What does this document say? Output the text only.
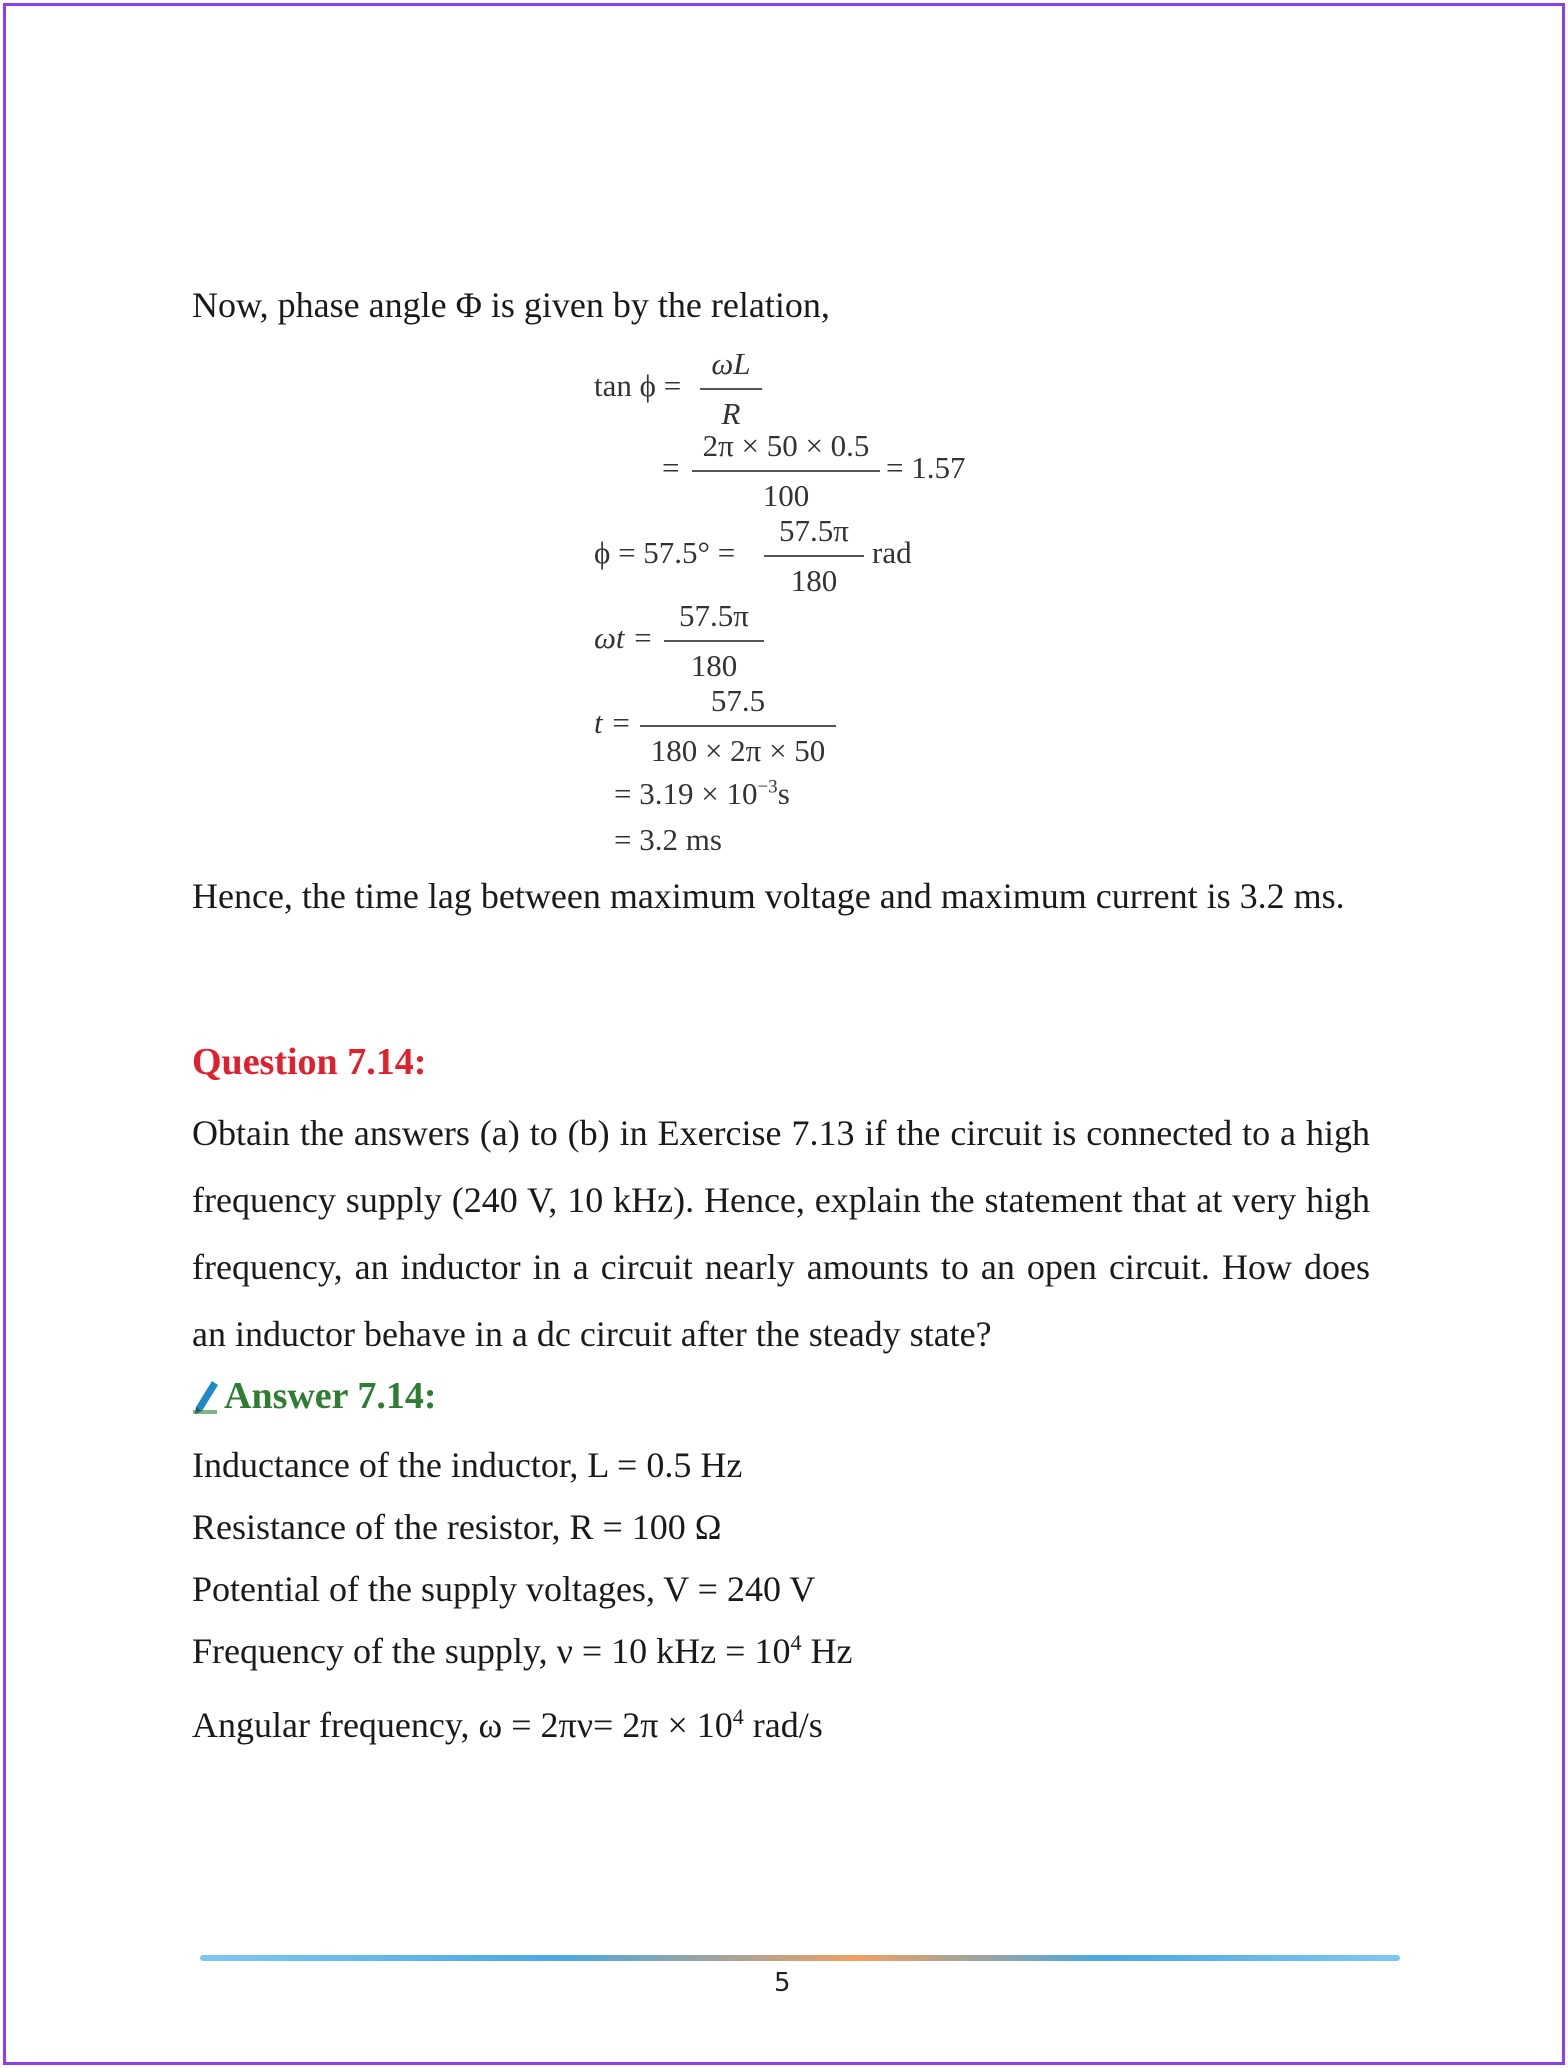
Now, phase angle Φ is given by the relation,
$\tan \phi = \frac{\omega L}{R}$
= $\frac{2\pi \times 50 \times 0.5}{100} = 1.57$
$\phi = 57.5^\circ = \frac{57.5\pi}{180}$ rad
$\omega t = \frac{57.5\pi}{180}$
$t = \frac{57.5}{180 \times 2\pi \times 50}$
= $3.19 \times 10^{-3}s$
= 3.2 ms
Hence, the time lag between maximum voltage and maximum current is 3.2 ms.
Question 7.14:
Obtain the answers (a) to (b) in Exercise 7.13 if the circuit is connected to a high frequency supply (240 V, 10 kHz). Hence, explain the statement that at very high frequency, an inductor in a circuit nearly amounts to an open circuit. How does an inductor behave in a dc circuit after the steady state?
Answer 7.14:
Inductance of the inductor, L = 0.5 Hz
Resistance of the resistor, R = 100 Ω
Potential of the supply voltages, V = 240 V
Frequency of the supply, ν = 10 kHz = $10^4$ Hz
Angular frequency, $\omega = 2\pi\nu= 2\pi \times 10^4$ rad/s
5
